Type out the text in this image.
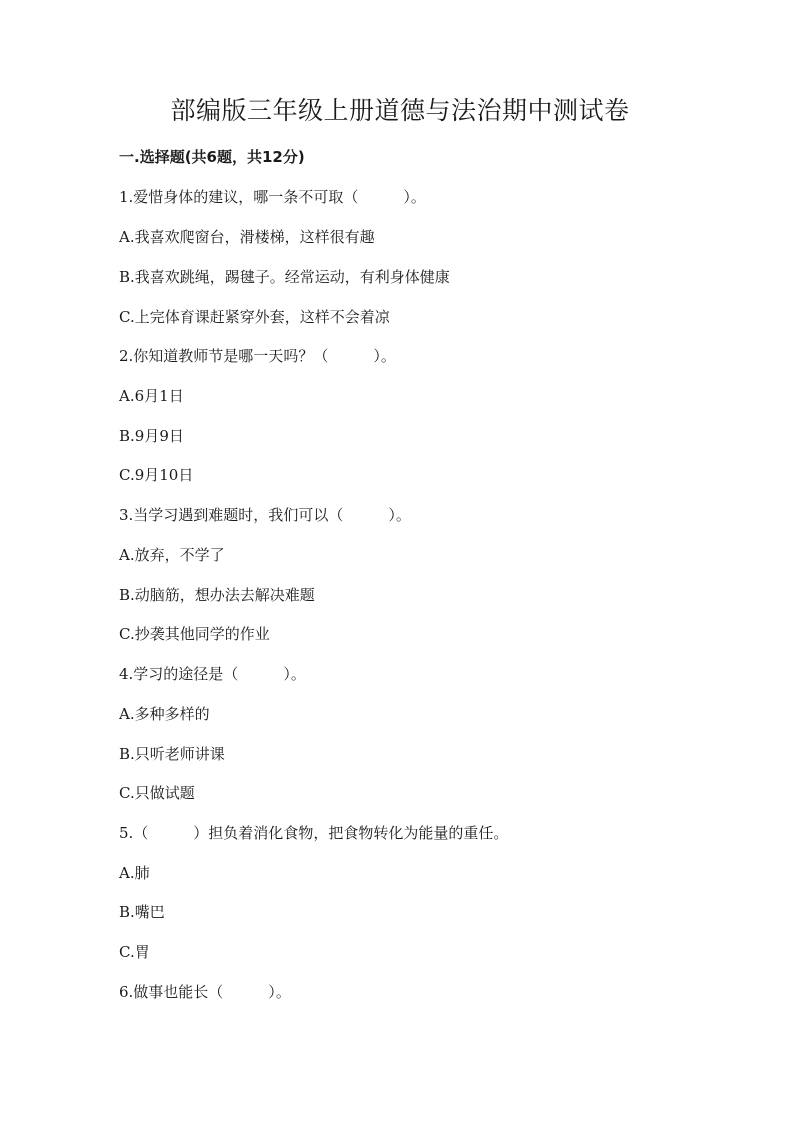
部编版三年级上册道德与法治期中测试卷
一.选择题(共6题，共12分)
1.爱惜身体的建议，哪一条不可取（　　　）。
A.我喜欢爬窗台，滑楼梯，这样很有趣
B.我喜欢跳绳，踢毽子。经常运动，有利身体健康
C.上完体育课赶紧穿外套，这样不会着凉
2.你知道教师节是哪一天吗？（　　　）。
A.6月1日
B.9月9日
C.9月10日
3.当学习遇到难题时，我们可以（　　　）。
A.放弃，不学了
B.动脑筋，想办法去解决难题
C.抄袭其他同学的作业
4.学习的途径是（　　　）。
A.多种多样的
B.只听老师讲课
C.只做试题
5.（　　　）担负着消化食物，把食物转化为能量的重任。
A.肺
B.嘴巴
C.胃
6.做事也能长（　　　）。
